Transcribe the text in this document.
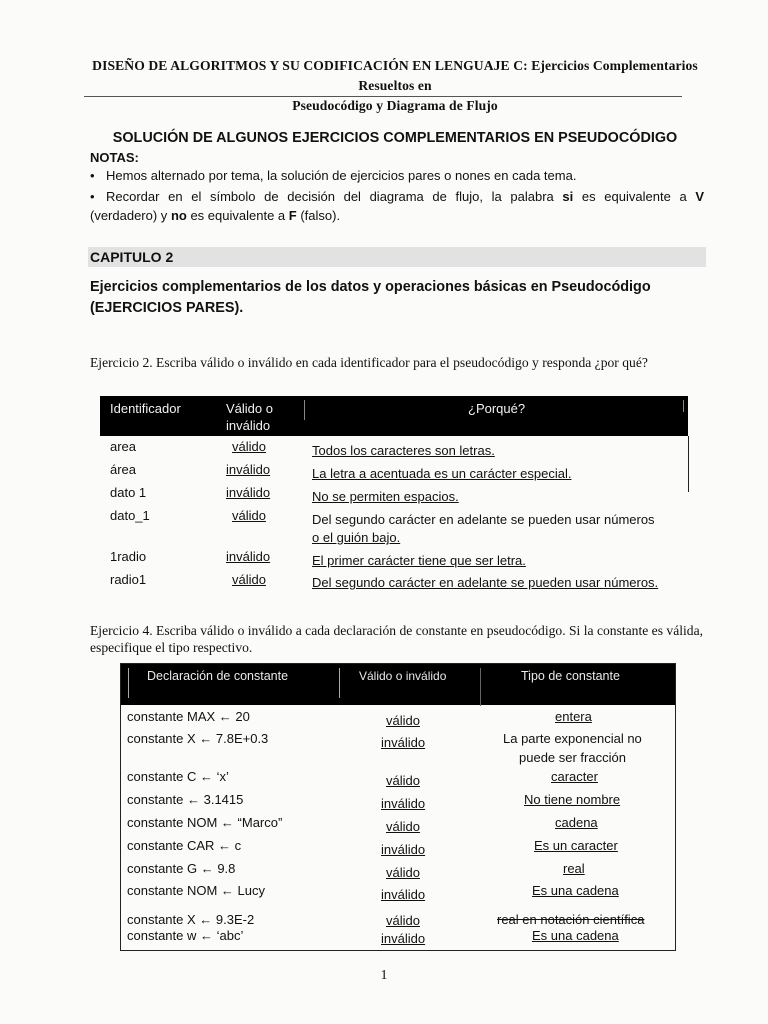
DISEÑO DE ALGORITMOS Y SU CODIFICACIÓN EN LENGUAJE C: Ejercicios Complementarios Resueltos en
Pseudocódigo y Diagrama de Flujo
SOLUCIÓN DE ALGUNOS EJERCICIOS COMPLEMENTARIOS EN PSEUDOCÓDIGO
NOTAS:
• Hemos alternado por tema, la solución de ejercicios pares o nones en cada tema.
• Recordar en el símbolo de decisión del diagrama de flujo, la palabra si es equivalente a V
(verdadero) y no es equivalente a F (falso).
CAPITULO 2
Ejercicios complementarios de los datos y operaciones básicas en Pseudocódigo (EJERCICIOS PARES).
Ejercicio 2. Escriba válido o inválido en cada identificador para el pseudocódigo y responda ¿por qué?
Identificador	Válido o
inválido
¿Porqué?
area	válido	Todos los caracteres son letras.
área	inválido	La letra a acentuada es un carácter especial.
dato 1	inválido	No se permiten espacios.
dato_1	válido	Del segundo carácter en adelante se pueden usar números
o el guión bajo.
1radio	inválido	El primer carácter tiene que ser letra.
radio1	válido	Del segundo carácter en adelante se pueden usar números.
Ejercicio 4. Escriba válido o inválido a cada declaración de constante en pseudocódigo. Si la constante es válida, especifique el tipo respectivo.
Declaración de constante	Válido o inválido	Tipo de constante
constante MAX ← 20	válido	entera
constante X ← 7.8E+0.3	inválido	La parte exponencial no
puede ser fracción
constante C ← ‘x’	válido	caracter
constante ← 3.1415	inválido	No tiene nombre
constante NOM ← “Marco”	válido	cadena
constante CAR ← c	inválido	Es un caracter
constante G ← 9.8	válido	real
constante NOM ← Lucy	inválido	Es una cadena
constante X ← 9.3E-2	válido	real en notación científica
constante w ← ‘abc’	inválido	Es una cadena
1
